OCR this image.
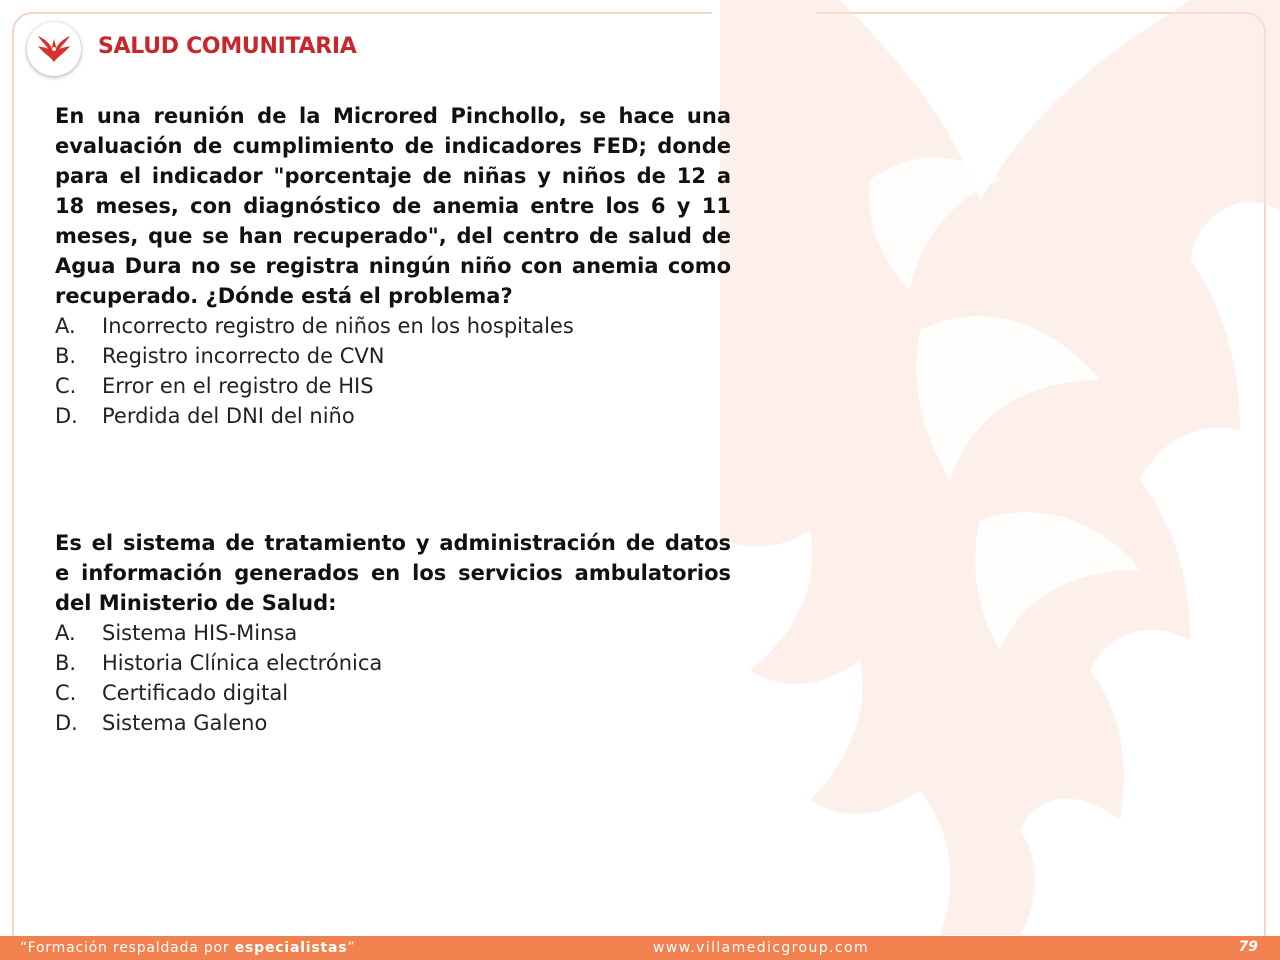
SALUD COMUNITARIA
En una reunión de la Microred Pinchollo, se hace una evaluación de cumplimiento de indicadores FED; donde para el indicador "porcentaje de niñas y niños de 12 a 18 meses, con diagnóstico de anemia entre los 6 y 11 meses, que se han recuperado", del centro de salud de Agua Dura no se registra ningún niño con anemia como recuperado. ¿Dónde está el problema?
A.	Incorrecto registro de niños en los hospitales
B.	Registro incorrecto de CVN
C.	Error en el registro de HIS
D.	Perdida del DNI del niño
Es el sistema de tratamiento y administración de datos e información generados en los servicios ambulatorios del Ministerio de Salud:
A.	Sistema HIS-Minsa
B.	Historia Clínica electrónica
C.	Certificado digital
D.	Sistema Galeno
“Formación respaldada por especialistas”	www.villamedicgroup.com	79
